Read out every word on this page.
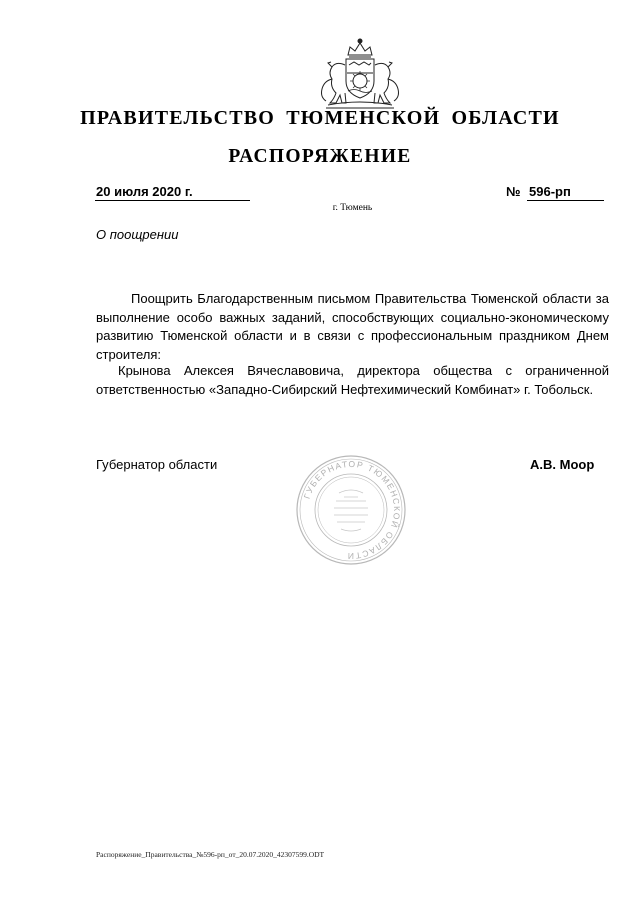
ПРАВИТЕЛЬСТВО ТЮМЕНСКОЙ ОБЛАСТИ
РАСПОРЯЖЕНИЕ
20 июля 2020 г.	№ 596-рп
г. Тюмень
О поощрении
Поощрить Благодарственным письмом Правительства Тюменской области за выполнение особо важных заданий, способствующих социально-экономическому развитию Тюменской области и в связи с профессиональным праздником Днем строителя:
Крынова Алексея Вячеславовича, директора общества с ограниченной ответственностью «Западно-Сибирский Нефтехимический Комбинат» г. Тобольск.
Губернатор области	А.В. Моор
ГУБЕРНАТОР ТЮМЕНСКОЙ ОБЛАСТИ
Распоряжение_Правительства_№596-рп_от_20.07.2020_42307599.ODT
